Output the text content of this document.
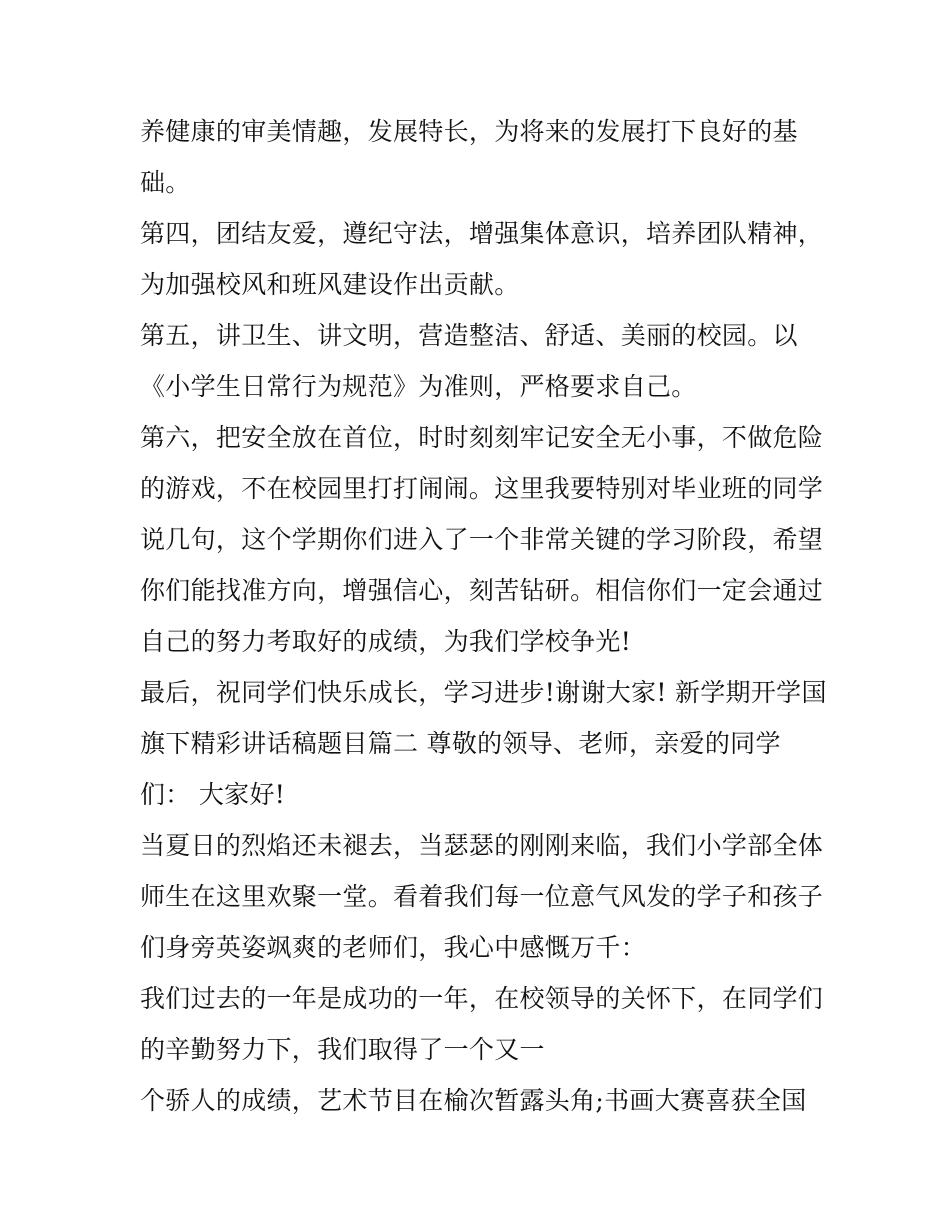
养健康的审美情趣，发展特长，为将来的发展打下良好的基
础。
第四，团结友爱，遵纪守法，增强集体意识，培养团队精神，
为加强校风和班风建设作出贡献。
第五，讲卫生、讲文明，营造整洁、舒适、美丽的校园。以
《小学生日常行为规范》为准则，严格要求自己。
第六，把安全放在首位，时时刻刻牢记安全无小事，不做危险
的游戏，不在校园里打打闹闹。这里我要特别对毕业班的同学
说几句，这个学期你们进入了一个非常关键的学习阶段，希望
你们能找准方向，增强信心，刻苦钻研。相信你们一定会通过
自己的努力考取好的成绩，为我们学校争光!
最后，祝同学们快乐成长，学习进步!谢谢大家! 新学期开学国
旗下精彩讲话稿题目篇二 尊敬的领导、老师，亲爱的同学
们： 大家好!
当夏日的烈焰还未褪去，当瑟瑟的刚刚来临，我们小学部全体
师生在这里欢聚一堂。看着我们每一位意气风发的学子和孩子
们身旁英姿飒爽的老师们，我心中感慨万千：
我们过去的一年是成功的一年，在校领导的关怀下，在同学们
的辛勤努力下，我们取得了一个又一
个骄人的成绩，艺术节目在榆次暂露头角;书画大赛喜获全国
